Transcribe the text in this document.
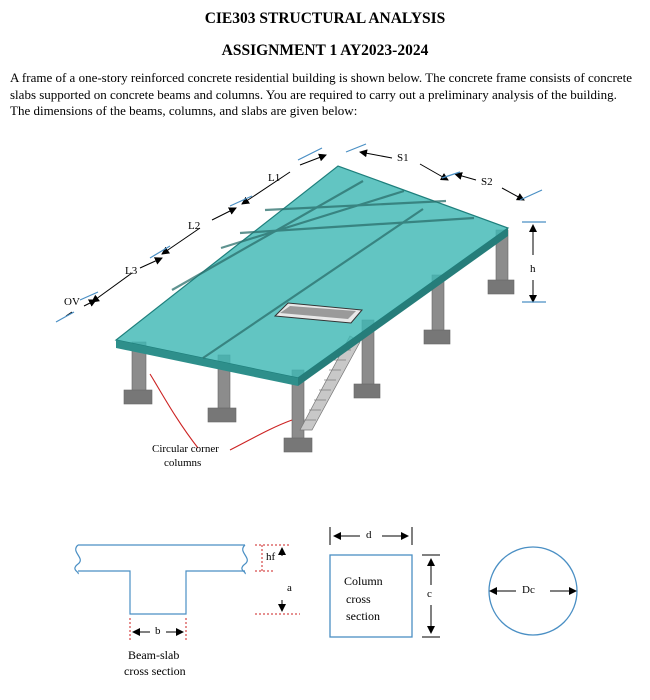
CIE303 STRUCTURAL ANALYSIS
ASSIGNMENT 1 AY2023-2024
A frame of a one-story reinforced concrete residential building is shown below. The concrete frame consists of concrete slabs supported on concrete beams and columns. You are required to carry out a preliminary analysis of the building. The dimensions of the beams, columns, and slabs are given below:
L1
L2
L3
OV
S1
S2
h
Circular corner
columns
hf
a
b
Beam-slab
cross section
d
c
Column
cross
section
Dc
